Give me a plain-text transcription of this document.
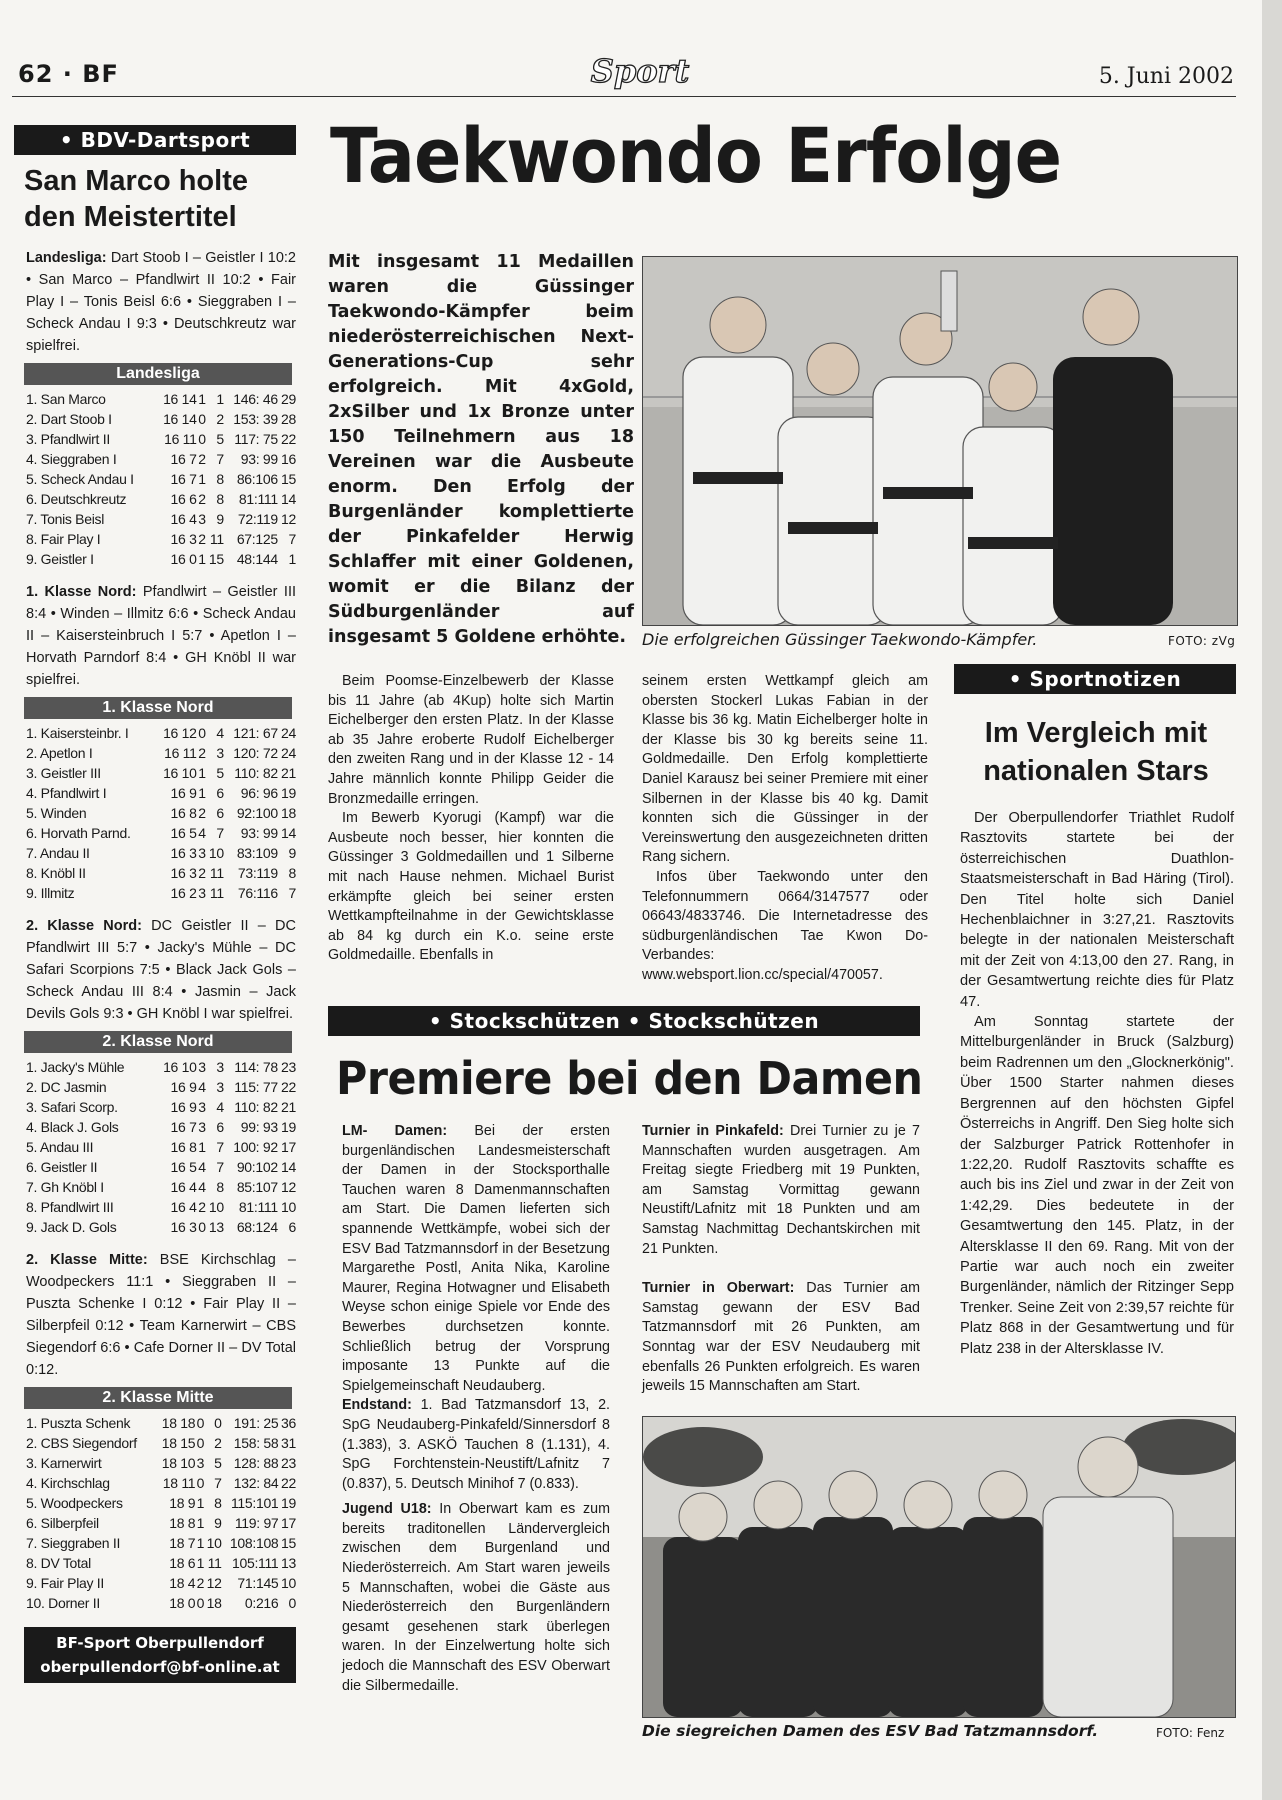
62 · BF	Sport	5. Juni 2002
• BDV-Dartsport
San Marco holte den Meistertitel
Landesliga: Dart Stoob I – Geistler I 10:2 • San Marco – Pfandlwirt II 10:2 • Fair Play I – Tonis Beisl 6:6 • Sieggraben I – Scheck Andau I 9:3 • Deutschkreutz war spielfrei.
Landesliga
1. San Marco	16 14	1	1	146: 46	29
2. Dart Stoob I	16 14	0	2	153: 39	28
3. Pfandlwirt II	16 11	0	5	117: 75	22
4. Sieggraben I	16 7	2	7	93: 99	16
5. Scheck Andau I	16 7	1	8	86:106	15
6. Deutschkreutz	16 6	2	8	81:111	14
7. Tonis Beisl	16 4	3	9	72:119	12
8. Fair Play I	16 3	2	11	67:125	7
9. Geistler I	16 0	1	15	48:144	1
1. Klasse Nord: Pfandlwirt – Geistler III 8:4 • Winden – Illmitz 6:6 • Scheck Andau II – Kaisersteinbruch I 5:7 • Apetlon I – Horvath Parndorf 8:4 • GH Knöbl II war spielfrei.
1. Klasse Nord
1. Kaisersteinbr. I	16 12	0	4	121: 67	24
2. Apetlon I	16 11	2	3	120: 72	24
3. Geistler III	16 10	1	5	110: 82	21
4. Pfandlwirt I	16 9	1	6	96: 96	19
5. Winden	16 8	2	6	92:100	18
6. Horvath Parnd.	16 5	4	7	93: 99	14
7. Andau II	16 3	3	10	83:109	9
8. Knöbl II	16 3	2	11	73:119	8
9. Illmitz	16 2	3	11	76:116	7
2. Klasse Nord: DC Geistler II – DC Pfandlwirt III 5:7 • Jacky's Mühle – DC Safari Scorpions 7:5 • Black Jack Gols – Scheck Andau III 8:4 • Jasmin – Jack Devils Gols 9:3 • GH Knöbl I war spielfrei.
2. Klasse Nord
1. Jacky's Mühle	16 10	3	3	114: 78	23
2. DC Jasmin	16 9	4	3	115: 77	22
3. Safari Scorp.	16 9	3	4	110: 82	21
4. Black J. Gols	16 7	3	6	99: 93	19
5. Andau III	16 8	1	7	100: 92	17
6. Geistler II	16 5	4	7	90:102	14
7. Gh Knöbl I	16 4	4	8	85:107	12
8. Pfandlwirt III	16 4	2	10	81:111	10
9. Jack D. Gols	16 3	0	13	68:124	6
2. Klasse Mitte: BSE Kirchschlag – Woodpeckers 11:1 • Sieggraben II – Puszta Schenke I 0:12 • Fair Play II – Silberpfeil 0:12 • Team Karnerwirt – CBS Siegendorf 6:6 • Cafe Dorner II – DV Total 0:12.
2. Klasse Mitte
1. Puszta Schenk	18 18	0	0	191: 25	36
2. CBS Siegendorf	18 15	0	2	158: 58	31
3. Karnerwirt	18 10	3	5	128: 88	23
4. Kirchschlag	18 11	0	7	132: 84	22
5. Woodpeckers	18 9	1	8	115:101	19
6. Silberpfeil	18 8	1	9	119: 97	17
7. Sieggraben II	18 7	1	10	108:108	15
8. DV Total	18 6	1	11	105:111	13
9. Fair Play II	18 4	2	12	71:145	10
10. Dorner II	18 0	0	18	0:216	0
BF-Sport Oberpullendorf
oberpullendorf@bf-online.at
Taekwondo Erfolge
Mit insgesamt 11 Medaillen waren die Güssinger Taekwondo-Kämpfer beim niederösterreichischen Next-Generations-Cup sehr erfolgreich. Mit 4xGold, 2xSilber und 1x Bronze unter 150 Teilnehmern aus 18 Vereinen war die Ausbeute enorm. Den Erfolg der Burgenländer komplettierte der Pinkafelder Herwig Schlaffer mit einer Goldenen, womit er die Bilanz der Südburgenländer auf insgesamt 5 Goldene erhöhte.	Die erfolgreichen Güssinger Taekwondo-Kämpfer.	FOTO: zVg

Beim Poomse-Einzelbewerb der Klasse bis 11 Jahre (ab 4Kup) holte sich Martin Eichelberger den ersten Platz. In der Klasse ab 35 Jahre eroberte Rudolf Eichelberger den zweiten Rang und in der Klasse 12 - 14 Jahre männlich konnte Philipp Geider die Bronzmedaille erringen.

Im Bewerb Kyorugi (Kampf) war die Ausbeute noch besser, hier konnten die Güssinger 3 Goldmedaillen und 1 Silberne mit nach Hause nehmen. Michael Burist erkämpfte gleich bei seiner ersten Wettkampfteilnahme in der Gewichtsklasse ab 84 kg durch ein K.o. seine erste Goldmedaille. Ebenfalls in

seinem ersten Wettkampf gleich am obersten Stockerl Lukas Fabian in der Klasse bis 36 kg. Matin Eichelberger holte in der Klasse bis 30 kg bereits seine 11. Goldmedaille. Den Erfolg komplettierte Daniel Karausz bei seiner Premiere mit einer Silbernen in der Klasse bis 40 kg. Damit konnten sich die Güssinger in der Vereinswertung den ausgezeichneten dritten Rang sichern.

Infos über Taekwondo unter den Telefonnummern 0664/3147577 oder 06643/4833746. Die Internetadresse des südburgenländischen Tae Kwon Do-Verbandes: www.websport.lion.cc/special/470057.

• Sportnotizen
Im Vergleich mit nationalen Stars

Der Oberpullendorfer Triathlet Rudolf Rasztovits startete bei der österreichischen Duathlon-Staatsmeisterschaft in Bad Häring (Tirol). Den Titel holte sich Daniel Hechenblaichner in 3:27,21. Rasztovits belegte in der nationalen Meisterschaft mit der Zeit von 4:13,00 den 27. Rang, in der Gesamtwertung reichte dies für Platz 47.

Am Sonntag startete der Mittelburgenländer in Bruck (Salzburg) beim Radrennen um den „Glocknerkönig". Über 1500 Starter nahmen dieses Bergrennen auf den höchsten Gipfel Österreichs in Angriff. Den Sieg holte sich der Salzburger Patrick Rottenhofer in 1:22,20. Rudolf Rasztovits schaffte es auch bis ins Ziel und zwar in der Zeit von 1:42,29. Dies bedeutete in der Gesamtwertung den 145. Platz, in der Altersklasse II den 69. Rang. Mit von der Partie war auch noch ein zweiter Burgenländer, nämlich der Ritzinger Sepp Trenker. Seine Zeit von 2:39,57 reichte für Platz 868 in der Gesamtwertung und für Platz 238 in der Altersklasse IV.

• Stockschützen • Stockschützen
Premiere bei den Damen

LM- Damen: Bei der ersten burgenländischen Landesmeisterschaft der Damen in der Stocksporthalle Tauchen waren 8 Damenmannschaften am Start. Die Damen lieferten sich spannende Wettkämpfe, wobei sich der ESV Bad Tatzmannsdorf in der Besetzung Margarethe Postl, Anita Nika, Karoline Maurer, Regina Hotwagner und Elisabeth Weyse schon einige Spiele vor Ende des Bewerbes durchsetzen konnte. Schließlich betrug der Vorsprung imposante 13 Punkte auf die Spielgemeinschaft Neudauberg.

Endstand: 1. Bad Tatzmansdorf 13, 2. SpG Neudauberg-Pinkafeld/Sinnersdorf 8 (1.383), 3. ASKÖ Tauchen 8 (1.131), 4. SpG Forchtenstein-Neustift/Lafnitz 7 (0.837), 5. Deutsch Minihof 7 (0.833).

Jugend U18: In Oberwart kam es zum bereits traditonellen Ländervergleich zwischen dem Burgenland und Niederösterreich. Am Start waren jeweils 5 Mannschaften, wobei die Gäste aus Niederösterreich den Burgenländern gesamt gesehenen stark überlegen waren. In der Einzelwertung holte sich jedoch die Mannschaft des ESV Oberwart die Silbermedaille.

Turnier in Pinkafeld: Drei Turnier zu je 7 Mannschaften wurden ausgetragen. Am Freitag siegte Friedberg mit 19 Punkten, am Samstag Vormittag gewann Neustift/Lafnitz mit 18 Punkten und am Samstag Nachmittag Dechantskirchen mit 21 Punkten.

Turnier in Oberwart: Das Turnier am Samstag gewann der ESV Bad Tatzmannsdorf mit 26 Punkten, am Sonntag war der ESV Neudauberg mit ebenfalls 26 Punkten erfolgreich. Es waren jeweils 15 Mannschaften am Start.

Die siegreichen Damen des ESV Bad Tatzmannsdorf.	FOTO: Fenz
